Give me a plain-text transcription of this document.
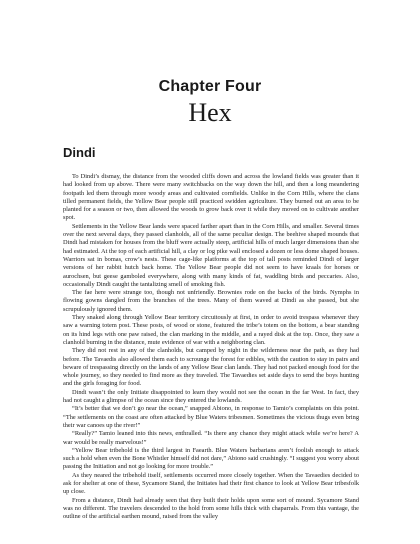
Chapter Four
Hex
Dindi

To Dindi’s dismay, the distance from the wooded cliffs down and across the lowland fields was greater than it had looked from up above. There were many switchbacks on the way down the hill, and then a long meandering footpath led them through more woody areas and cultivated cornfields. Unlike in the Corn Hills, where the clans tilled permanent fields, the Yellow Bear people still practiced swidden agriculture. They burned out an area to be planted for a season or two, then allowed the woods to grow back over it while they moved on to cultivate another spot.

Settlements in the Yellow Bear lands were spaced farther apart than in the Corn Hills, and smaller. Several times over the next several days, they passed clanholds, all of the same peculiar design. The beehive shaped mounds that Dindi had mistaken for houses from the bluff were actually steep, artificial hills of much larger dimensions than she had estimated. At the top of each artificial hill, a clay or log pike wall enclosed a dozen or less dome shaped houses. Warriors sat in bomas, crow’s nests. These cage-like platforms at the top of tall posts reminded Dindi of larger versions of her rabbit hutch back home. The Yellow Bear people did not seem to have kraals for horses or aurochsen, but geese gamboled everywhere, along with many kinds of fat, waddling birds and peccaries. Also, occasionally Dindi caught the tantalizing smell of smoking fish.

The fae here were strange too, though not unfriendly. Brownies rode on the backs of the birds. Nymphs in flowing gowns dangled from the branches of the trees. Many of them waved at Dindi as she passed, but she scrupulously ignored them.

They snaked along through Yellow Bear territory circuitously at first, in order to avoid trespass whenever they saw a warning totem post. These posts, of wood or stone, featured the tribe’s totem on the bottom, a bear standing on its hind legs with one paw raised, the clan marking in the middle, and a rayed disk at the top. Once, they saw a clanhold burning in the distance, mute evidence of war with a neighboring clan.

They did not rest in any of the clanholds, but camped by night in the wilderness near the path, as they had before. The Tavaedis also allowed them each to scrounge the forest for edibles, with the caution to stay in pairs and beware of trespassing directly on the lands of any Yellow Bear clan lands. They had not packed enough food for the whole journey, so they needed to find more as they traveled. The Tavaedies set aside days to send the boys hunting and the girls foraging for food.

Dindi wasn’t the only Initiate disappointed to learn they would not see the ocean in the far West. In fact, they had not caught a glimpse of the ocean since they entered the lowlands.

“It’s better that we don’t go near the ocean,” snapped Abiono, in response to Tamio’s complaints on this point. “The settlements on the coast are often attacked by Blue Waters tribesmen. Sometimes the vicious thugs even bring their war canoes up the river!”

“Really?” Tamio leaned into this news, enthralled. “Is there any chance they might attack while we’re here? A war would be really marvelous!”

“Yellow Bear tribehold is the third largest in Faearth. Blue Waters barbarians aren’t foolish enough to attack such a hold when even the Bone Whistler himself did not dare,” Abiono said crushingly. “I suggest you worry about passing the Initiation and not go looking for more trouble.”

As they neared the tribehold itself, settlements occurred more closely together. When the Tavaedies decided to ask for shelter at one of these, Sycamore Stand, the Initiates had their first chance to look at Yellow Bear tribesfolk up close.

From a distance, Dindi had already seen that they built their holds upon some sort of mound. Sycamore Stand was no different. The travelers descended to the hold from some hills thick with chaparrals. From this vantage, the outline of the artificial earthen mound, raised from the valley
